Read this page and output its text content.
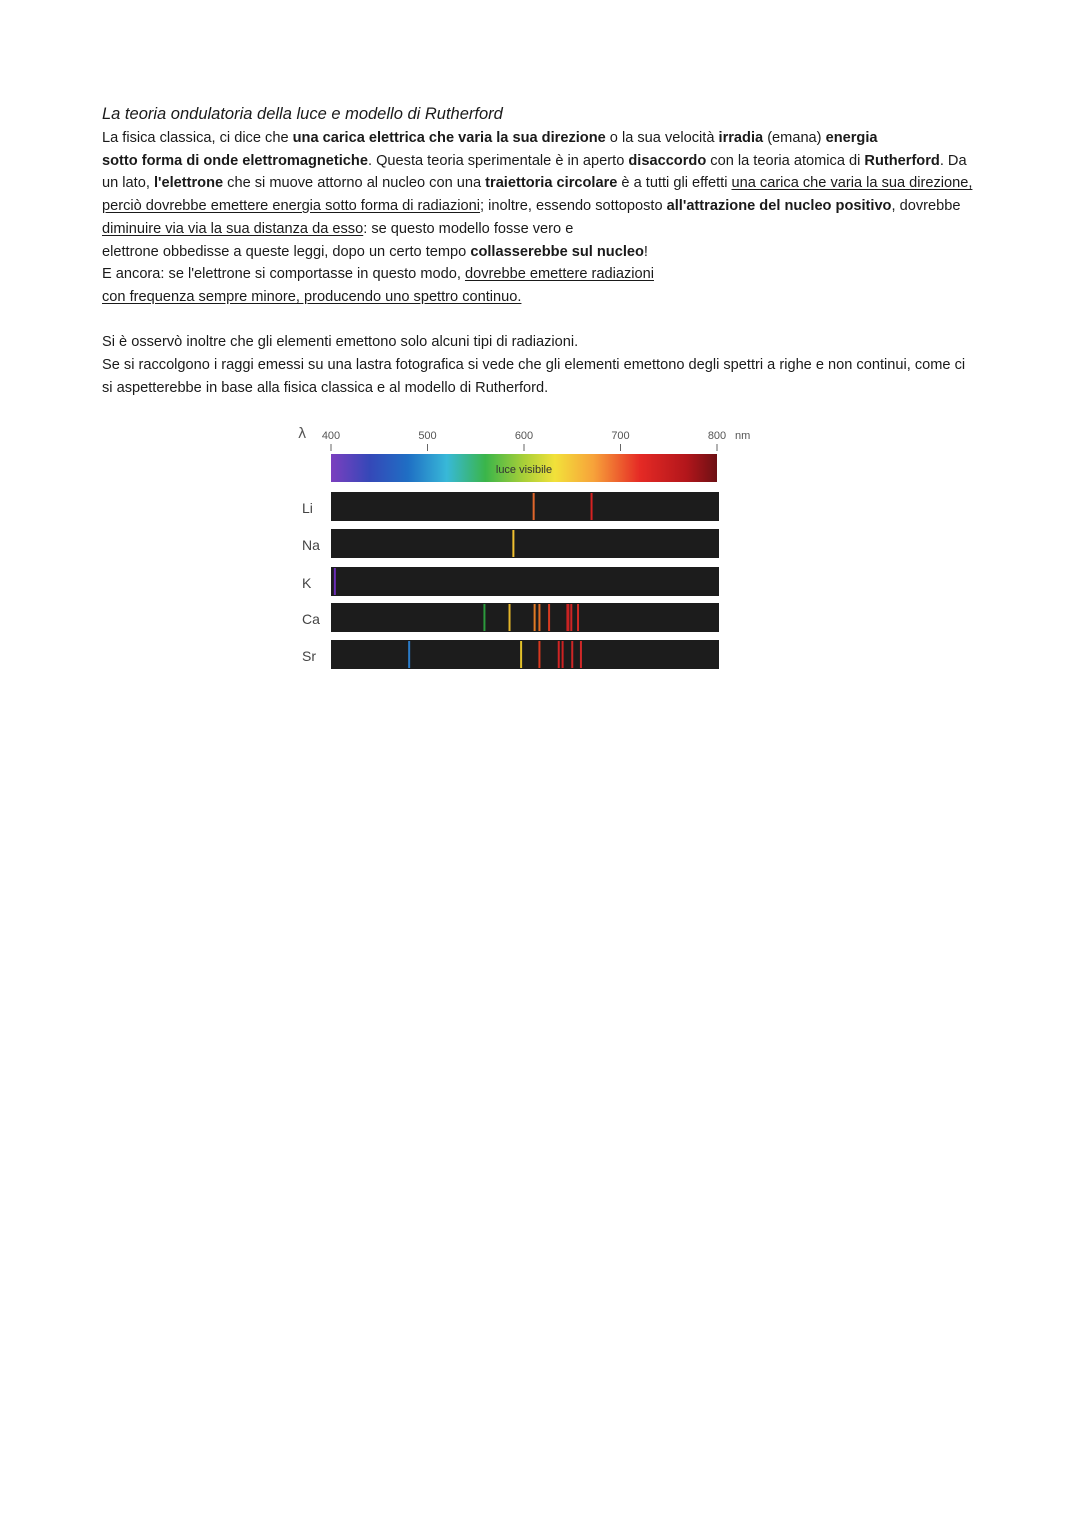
La teoria ondulatoria della luce e modello di Rutherford

La fisica classica, ci dice che una carica elettrica che varia la sua direzione o la sua velocità irradia (emana) energia
sotto forma di onde elettromagnetiche. Questa teoria sperimentale è in aperto disaccordo con la teoria atomica di Rutherford. Da
un lato, l'elettrone che si muove attorno al nucleo con una traiettoria circolare è a tutti gli effetti una carica che varia la sua direzione,
perciò dovrebbe emettere energia sotto forma di radiazioni; inoltre, essendo sottoposto all'attrazione del nucleo positivo, dovrebbe
diminuire via via la sua distanza da esso: se questo modello fosse vero e
elettrone obbedisse a queste leggi, dopo un certo tempo collasserebbe sul nucleo!
E ancora: se l'elettrone si comportasse in questo modo, dovrebbe emettere radiazioni
con frequenza sempre minore, producendo uno spettro continuo.

Si è osservò inoltre che gli elementi emettono solo alcuni tipi di radiazioni.

Se si raccolgono i raggi emessi su una lastra fotografica si vede che gli elementi emettono degli spettri a righe e non continui, come ci
si aspetterebbe in base alla fisica classica e al modello di Rutherford.

λ 400	500	600	700	800 nm
luce visibile
Li
Na
K
Ca
Sr
